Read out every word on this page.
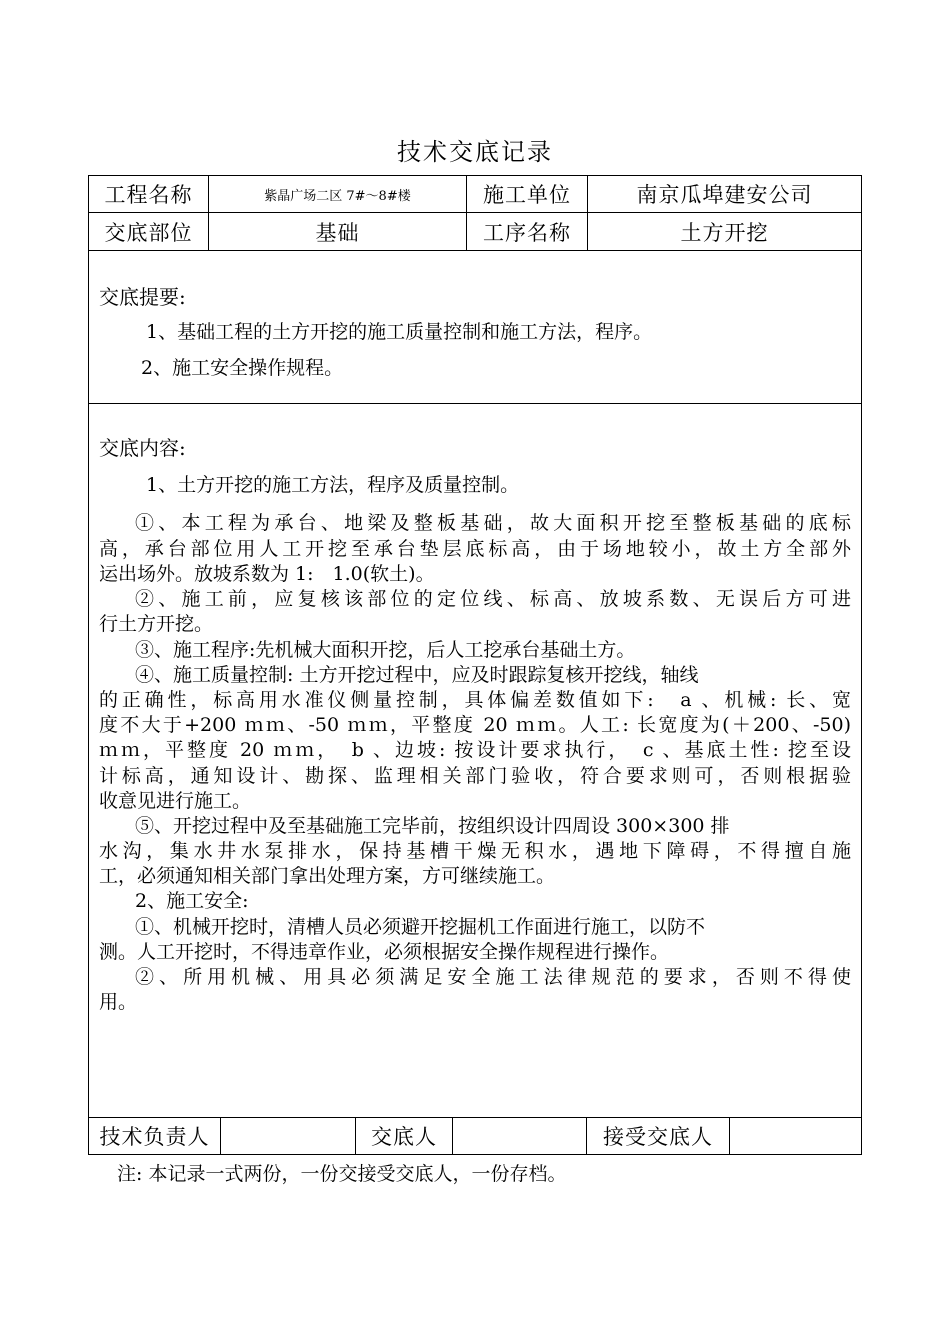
技术交底记录
工程名称	紫晶广场二区 7#～8#楼	施工单位	南京瓜埠建安公司
交底部位	基础	工序名称	土方开挖
交底提要:
1、基础工程的土方开挖的施工质量控制和施工方法，程序。
2、施工安全操作规程。
交底内容:
1、土方开挖的施工方法，程序及质量控制。
①、本工程为承台、地梁及整板基础，故大面积开挖至整板基础的底标
高，承台部位用人工开挖至承台垫层底标高，由于场地较小，故土方全部外
运出场外。放坡系数为 1:　1.0(软土)。
②、施工前，应复核该部位的定位线、标高、放坡系数、无误后方可进
行土方开挖。
③、施工程序:先机械大面积开挖，后人工挖承台基础土方。
④、施工质量控制: 土方开挖过程中，应及时跟踪复核开挖线，轴线
的正确性，标高用水准仪侧量控制，具体偏差数值如下:　a 、机械: 长、宽
度不大于+200 ｍｍ、-50 ｍｍ，平整度 20 ｍｍ。人工: 长宽度为(＋200、-50)
ｍｍ，平整度 20 ｍｍ，　b 、边坡: 按设计要求执行，　c 、基底土性: 挖至设
计标高，通知设计、勘探、监理相关部门验收，符合要求则可，否则根据验
收意见进行施工。
⑤、开挖过程中及至基础施工完毕前，按组织设计四周设 300×300 排
水沟，集水井水泵排水，保持基槽干燥无积水，遇地下障碍，不得擅自施
工，必须通知相关部门拿出处理方案，方可继续施工。
2、施工安全:
①、机械开挖时，清槽人员必须避开挖掘机工作面进行施工，以防不
测。人工开挖时，不得违章作业，必须根据安全操作规程进行操作。
②、所用机械、用具必须满足安全施工法律规范的要求，否则不得使
用。
技术负责人	交底人	接受交底人
注: 本记录一式两份，一份交接受交底人，一份存档。
